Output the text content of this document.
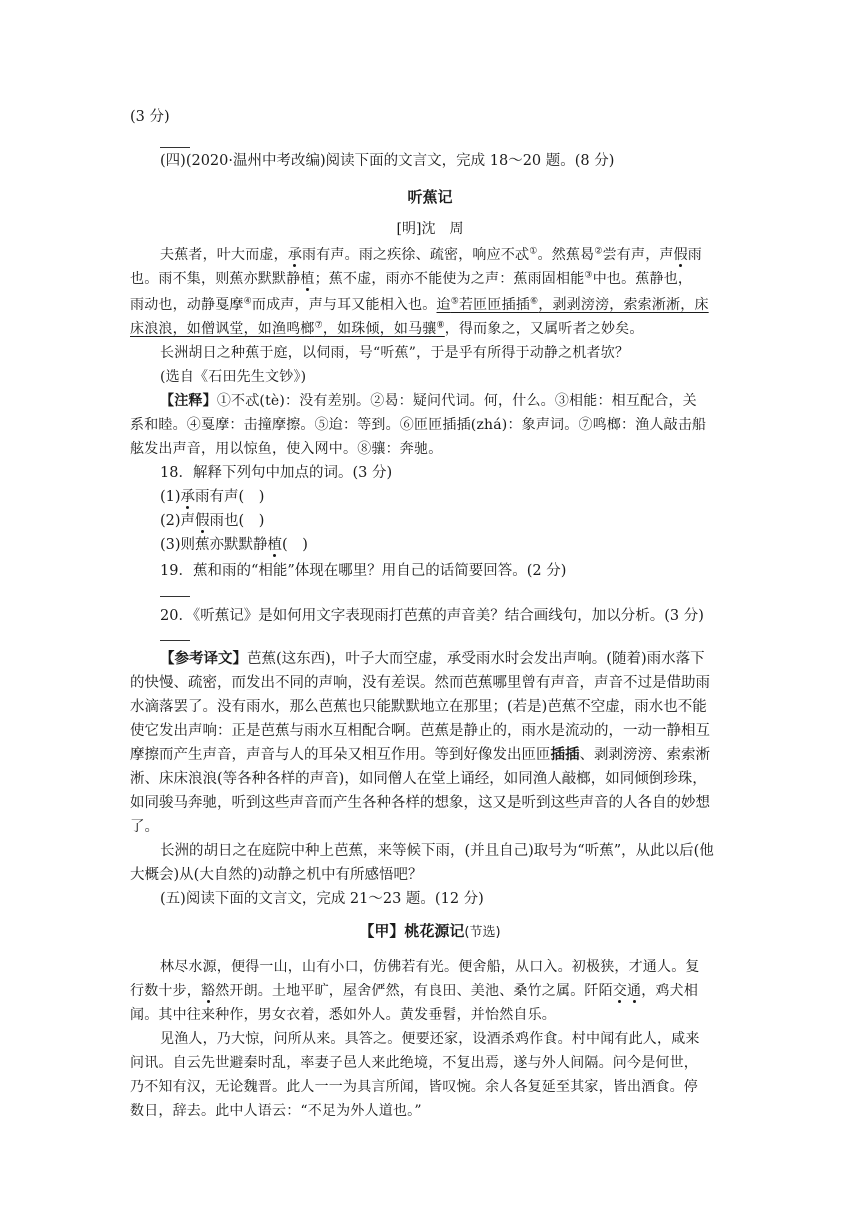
(3 分)
(四)(2020·温州中考改编)阅读下面的文言文，完成 18～20 题。(8 分)
听蕉记
[明]沈　周
夫蕉者，叶大而虚，承雨有声。雨之疾徐、疏密，响应不忒①。然蕉曷②尝有声，声假雨
也。雨不集，则蕉亦默默静植；蕉不虚，雨亦不能使为之声：蕉雨固相能③中也。蕉静也，
雨动也，动静戛摩④而成声，声与耳又能相入也。迨⑤若匝匝插插⑥，剥剥滂滂，索索淅淅，床
床浪浪，如僧讽堂，如渔鸣榔⑦，如珠倾，如马骧⑧，得而象之，又属听者之妙矣。
长洲胡日之种蕉于庭，以伺雨，号“听蕉”，于是乎有所得于动静之机者欤？
(选自《石田先生文钞》)
【注释】①不忒(tè)：没有差别。②曷：疑问代词。何，什么。③相能：相互配合，关
系和睦。④戛摩：击撞摩擦。⑤迨：等到。⑥匝匝插插(zhá)：象声词。⑦鸣榔：渔人敲击船
舷发出声音，用以惊鱼，使入网中。⑧骧：奔驰。
18．解释下列句中加点的词。(3 分)
(1)承雨有声(　)
(2)声假雨也(　)
(3)则蕉亦默默静植(　)
19．蕉和雨的“相能”体现在哪里？用自己的话简要回答。(2 分)
20．《听蕉记》是如何用文字表现雨打芭蕉的声音美？结合画线句，加以分析。(3 分)
【参考译文】芭蕉(这东西)，叶子大而空虚，承受雨水时会发出声响。(随着)雨水落下
的快慢、疏密，而发出不同的声响，没有差误。然而芭蕉哪里曾有声音，声音不过是借助雨
水滴落罢了。没有雨水，那么芭蕉也只能默默地立在那里；(若是)芭蕉不空虚，雨水也不能
使它发出声响：正是芭蕉与雨水互相配合啊。芭蕉是静止的，雨水是流动的，一动一静相互
摩擦而产生声音，声音与人的耳朵又相互作用。等到好像发出匝匝插插、剥剥滂滂、索索淅
淅、床床浪浪(等各种各样的声音)，如同僧人在堂上诵经，如同渔人敲榔，如同倾倒珍珠，
如同骏马奔驰，听到这些声音而产生各种各样的想象，这又是听到这些声音的人各自的妙想
了。
长洲的胡日之在庭院中种上芭蕉，来等候下雨，(并且自己)取号为“听蕉”，从此以后(他
大概会)从(大自然的)动静之机中有所感悟吧？
(五)阅读下面的文言文，完成 21～23 题。(12 分)
【甲】桃花源记(节选)
林尽水源，便得一山，山有小口，仿佛若有光。便舍船，从口入。初极狭，才通人。复
行数十步，豁然开朗。土地平旷，屋舍俨然，有良田、美池、桑竹之属。阡陌交通，鸡犬相
闻。其中往来种作，男女衣着，悉如外人。黄发垂髫，并怡然自乐。
见渔人，乃大惊，问所从来。具答之。便要还家，设酒杀鸡作食。村中闻有此人，咸来
问讯。自云先世避秦时乱，率妻子邑人来此绝境，不复出焉，遂与外人间隔。问今是何世，
乃不知有汉，无论魏晋。此人一一为具言所闻，皆叹惋。余人各复延至其家，皆出酒食。停
数日，辞去。此中人语云：“不足为外人道也。”
